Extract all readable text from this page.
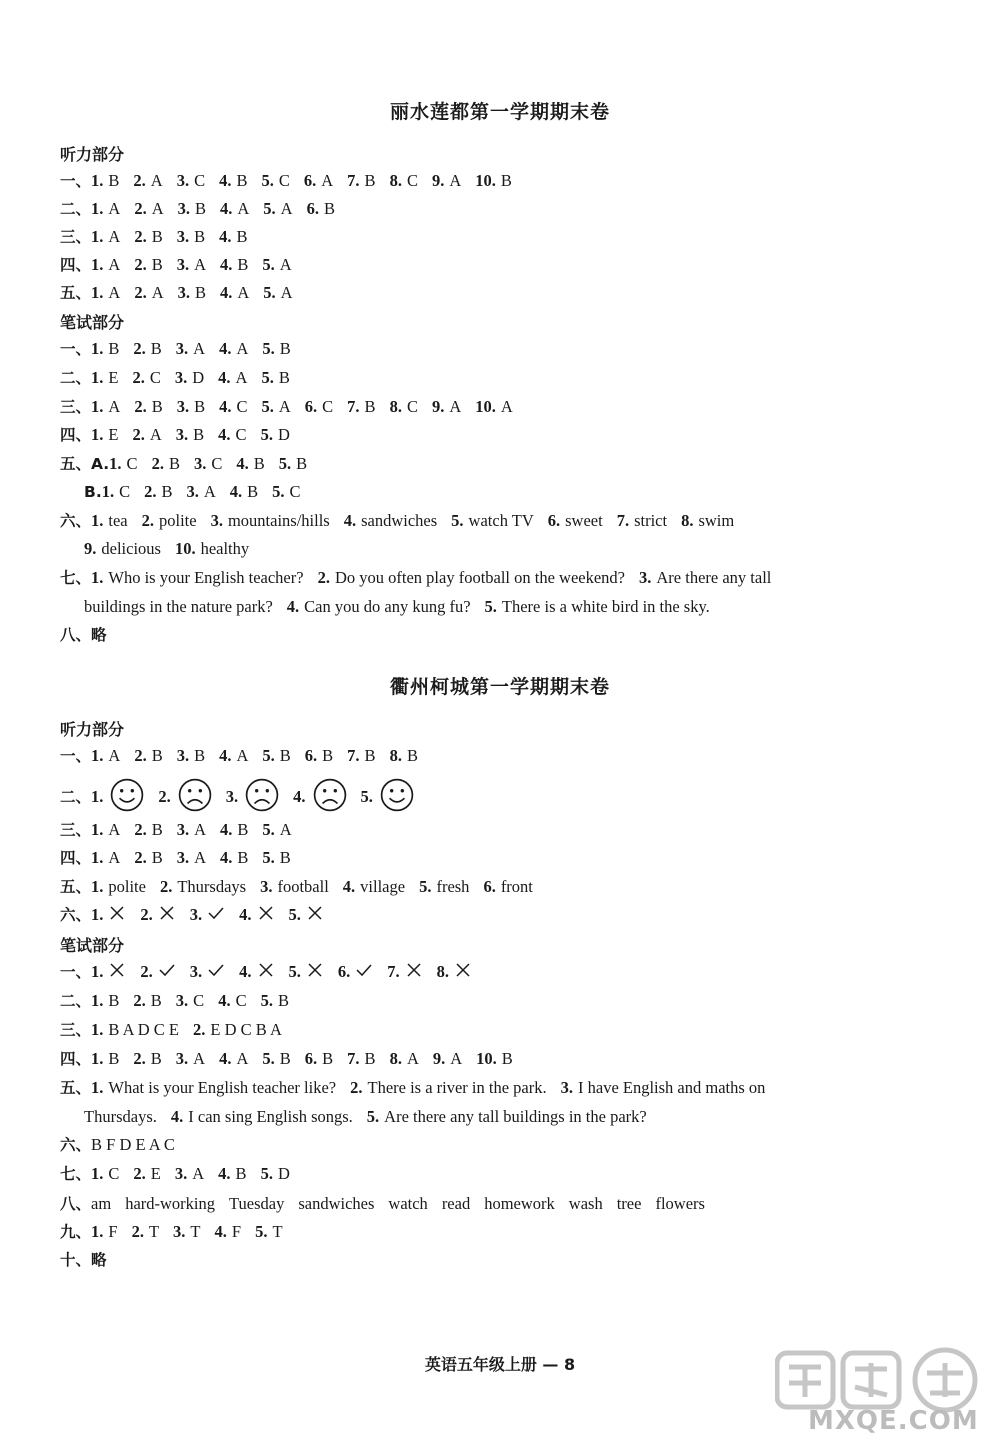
丽水莲都第一学期期末卷
衢州柯城第一学期期末卷
听力部分
一、1. B 2. A 3. C 4. B 5. C 6. A 7. B 8. C 9. A 10. B
二、1. A 2. A 3. B 4. A 5. A 6. B
三、1. A 2. B 3. B 4. B
四、1. A 2. B 3. A 4. B 5. A
五、1. A 2. A 3. B 4. A 5. A
笔试部分
一、1. B 2. B 3. A 4. A 5. B
二、1. E 2. C 3. D 4. A 5. B
三、1. A 2. B 3. B 4. C 5. A 6. C 7. B 8. C 9. A 10. A
四、1. E 2. A 3. B 4. C 5. D
五、A.1. C 2. B 3. C 4. B 5. B
B.1. C 2. B 3. A 4. B 5. C
六、1. tea 2. polite 3. mountains/hills 4. sandwiches 5. watch TV 6. sweet 7. strict 8. swim
9. delicious 10. healthy
七、1. Who is your English teacher? 2. Do you often play football on the weekend? 3. Are there any tall
buildings in the nature park? 4. Can you do any kung fu? 5. There is a white bird in the sky.
八、略
听力部分
一、1. A 2. B 3. B 4. A 5. B 6. B 7. B 8. B
二、1.	2.	3.	4.	5.
三、1. A 2. B 3. A 4. B 5. A
四、1. A 2. B 3. A 4. B 5. B
五、1. polite 2. Thursdays 3. football 4. village 5. fresh 6. front
六、1. 2. 3. 4. 5.
笔试部分
一、1. 2. 3. 4. 5. 6. 7. 8.
二、1. B 2. B 3. C 4. C 5. B
三、1. B A D C E 2. E D C B A
四、1. B 2. B 3. A 4. A 5. B 6. B 7. B 8. A 9. A 10. B
五、1. What is your English teacher like? 2. There is a river in the park. 3. I have English and maths on
Thursdays. 4. I can sing English songs. 5. Are there any tall buildings in the park?
六、B F D E A C
七、1. C 2. E 3. A 4. B 5. D
八、am hard-working Tuesday sandwiches watch read homework wash tree flowers
九、1. F 2. T 3. T 4. F 5. T
十、略
英语五年级上册 — 8
MXQE.COM
